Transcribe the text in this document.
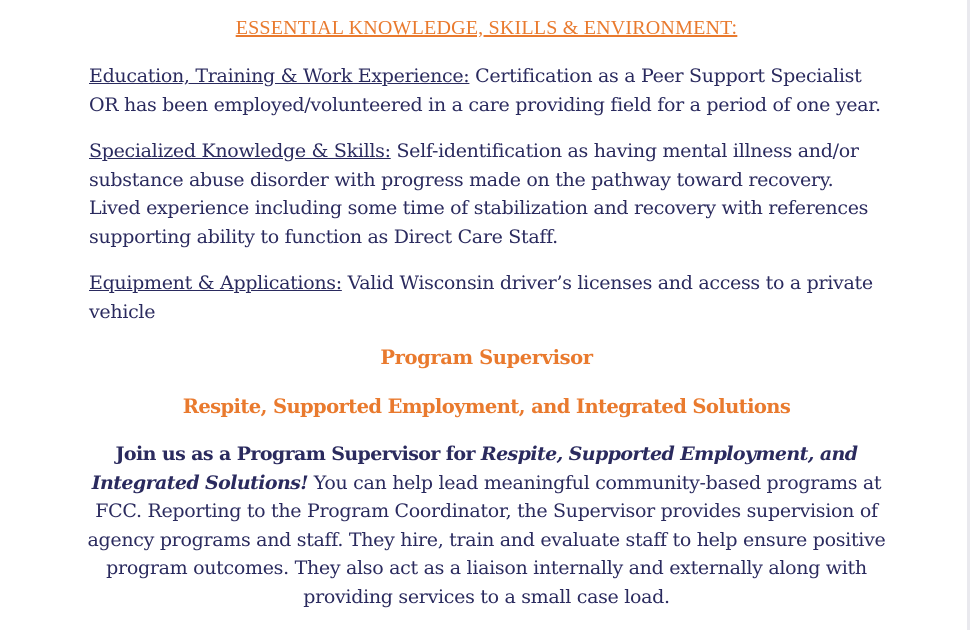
ESSENTIAL KNOWLEDGE, SKILLS & ENVIRONMENT:

Education, Training & Work Experience: Certification as a Peer Support Specialist OR has been employed/volunteered in a care providing field for a period of one year.

Specialized Knowledge & Skills: Self-identification as having mental illness and/or substance abuse disorder with progress made on the pathway toward recovery. Lived experience including some time of stabilization and recovery with references supporting ability to function as Direct Care Staff.

Equipment & Applications: Valid Wisconsin driver’s licenses and access to a private vehicle

Program Supervisor
Respite, Supported Employment, and Integrated Solutions

Join us as a Program Supervisor for Respite, Supported Employment, and Integrated Solutions! You can help lead meaningful community-based programs at FCC. Reporting to the Program Coordinator, the Supervisor provides supervision of agency programs and staff. They hire, train and evaluate staff to help ensure positive program outcomes. They also act as a liaison internally and externally along with providing services to a small case load.
